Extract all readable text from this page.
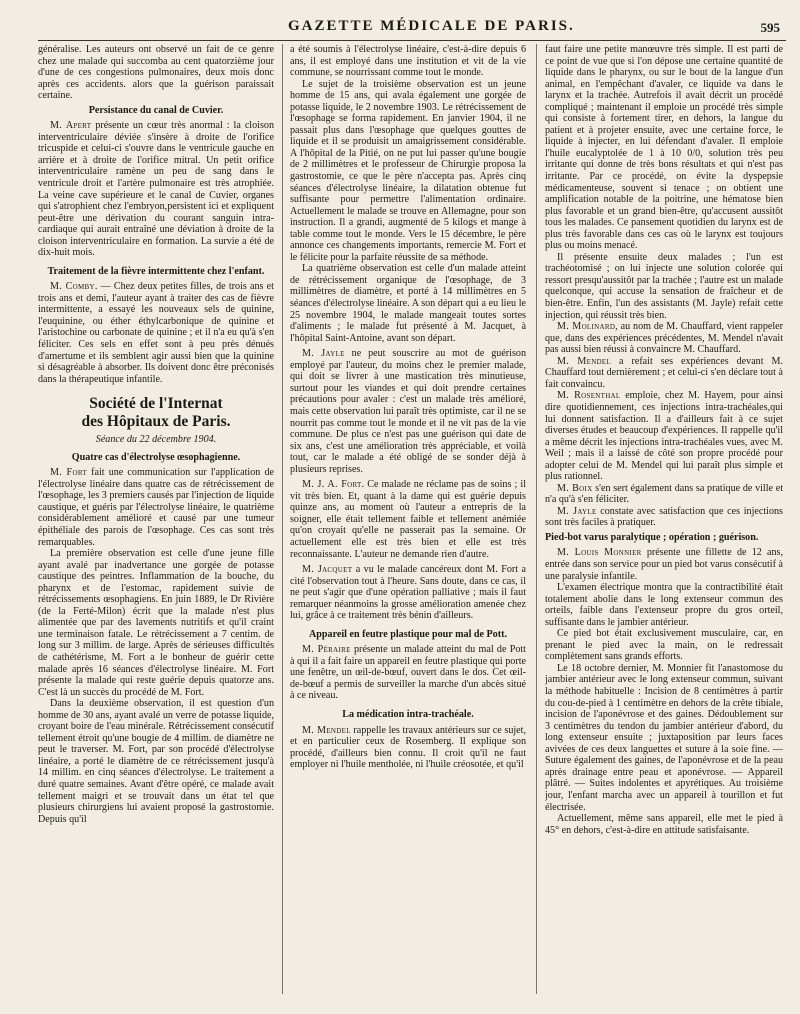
GAZETTE MÉDICALE DE PARIS.	595

généralise. Les auteurs ont observé un fait de ce genre chez une malade qui succomba au cent quatorzième jour d'une de ces congestions pulmonaires, deux mois donc après ces accidents. alors que la guérison paraissait certaine.

Persistance du canal de Cuvier.

M. Apert présente un cœur très anormal : la cloison interventriculaire déviée s'insère à droite de l'orifice tricuspide et celui-ci s'ouvre dans le ventricule gauche en arrière et à droite de l'orifice mitral. Un petit orifice interventriculaire ramène un peu de sang dans le ventricule droit et l'artère pulmonaire est très atrophiée. La veine cave supérieure et le canal de Cuvier, organes qui s'atrophient chez l'embryon,persistent ici et expliquent peut-être une dérivation du courant sanguin intra-cardiaque qui aurait entraîné une déviation à droite de la cloison interventriculaire en formation. La survie a été de dix-huit mois.

Traitement de la fièvre intermittente chez l'enfant.

M. Comby. — Chez deux petites filles, de trois ans et trois ans et demi, l'auteur ayant à traiter des cas de fièvre intermittente, a essayé les nouveaux sels de quinine, l'euquinine, ou éther éthylcarbonique de quinine et l'aristochine ou carbonate de quinine ; et il n'a eu qu'à s'en féliciter. Ces sels en effet sont à peu près dénués d'amertume et ils semblent agir aussi bien que la quinine si désagréable à absorber. Ils doivent donc être préconisés dans la thérapeutique infantile.

Société de l'Internat
des Hôpitaux de Paris.
Séance du 22 décembre 1904.
Quatre cas d'électrolyse œsophagienne.

M. Fort fait une communication sur l'application de l'électrolyse linéaire dans quatre cas de rétrécissement de l'œsophage, les 3 premiers causés par l'injection de liquide caustique, et guéris par l'électrolyse linéaire, le quatrième considérablement amélioré et causé par une tumeur épithéliale des parois de l'œsophage. Ces cas sont très remarquables.

La première observation est celle d'une jeune fille ayant avalé par inadvertance une gorgée de potasse caustique des peintres. Inflammation de la bouche, du pharynx et de l'estomac, rapidement suivie de rétrécissements œsophagiens. En juin 1889, le Dr Rivière (de la Ferté-Milon) écrit que la malade n'est plus alimentée que par des lavements nutritifs et qu'il craint une terminaison fatale. Le rétrécissement a 7 centim. de long sur 3 millim. de large. Après de sérieuses difficultés de cathétérisme, M. Fort a le bonheur de guérir cette malade après 16 séances d'électrolyse linéaire. M. Fort présente la malade qui reste guérie depuis quatorze ans. C'est là un succès du procédé de M. Fort.

Dans la deuxième observation, il est question d'un homme de 30 ans, ayant avalé un verre de potasse liquide, croyant boire de l'eau minérale. Rétrécissement consécutif tellement étroit qu'une bougie de 4 millim. de diamètre ne peut le traverser. M. Fort, par son procédé d'électrolyse linéaire, a porté le diamètre de ce rétrécissement jusqu'à 14 millim. en cinq séances d'électrolyse. Le traitement a duré quatre semaines. Avant d'être opéré, ce malade avait tellement maigri et se trouvait dans un état tel que plusieurs chirurgiens lui avaient proposé la gastrostomie. Depuis qu'il

a été soumis à l'électrolyse linéaire, c'est-à-dire depuis 6 ans, il est employé dans une institution et vit de la vie commune, se nourrissant comme tout le monde.

Le sujet de la troisième observation est un jeune homme de 15 ans, qui avala également une gorgée de potasse liquide, le 2 novembre 1903. Le rétrécissement de l'œsophage se forma rapidement. En janvier 1904, il ne passait plus dans l'œsophage que quelques gouttes de liquide et il se produisit un amaigrissement considérable. A l'hôpital de la Pitié, on ne put lui passer qu'une bougie de 2 millimètres et le professeur de Chirurgie proposa la gastrostomie, ce que le père n'accepta pas. Après cinq séances d'électrolyse linéaire, la dilatation obtenue fut suffisante pour permettre l'alimentation ordinaire. Actuellement le malade se trouve en Allemagne, pour son instruction. Il a grandi, augmenté de 5 kilogs et mange à table comme tout le monde. Vers le 15 décembre, le père annonce ces changements importants, remercie M. Fort et le félicite pour la parfaite réussite de sa méthode.

La quatrième observation est celle d'un malade atteint de rétrécissement organique de l'œsophage, de 3 millimètres de diamètre, et porté à 14 millimètres en 5 séances d'électrolyse linéaire. A son départ qui a eu lieu le 25 novembre 1904, le malade mangeait toutes sortes d'aliments ; le malade fut présenté à M. Jacquet, à l'hôpital Saint-Antoine, avant son départ.

M. Jayle ne peut souscrire au mot de guérison employé par l'auteur, du moins chez le premier malade, qui doit se livrer à une mastication très minutieuse, surtout pour les viandes et qui doit prendre certaines précautions pour avaler : c'est un malade très amélioré, mais cette observation lui paraît très optimiste, car il ne se nourrit pas comme tout le monde et il ne vit pas de la vie commune. De plus ce n'est pas une guérison qui date de six ans, c'est une amélioration très appréciable, et voilà tout, car le malade a été obligé de se sonder déjà à plusieurs reprises.

M. J. A. Fort. Ce malade ne réclame pas de soins ; il vit très bien. Et, quant à la dame qui est guérie depuis quinze ans, au moment où l'auteur a entrepris de la soigner, elle était tellement faible et tellement anémiée qu'on croyait qu'elle ne passerait pas la semaine. Or actuellement elle est très bien et elle est très reconnaissante. L'auteur ne demande rien d'autre.

M. Jacquet a vu le malade cancéreux dont M. Fort a cité l'observation tout à l'heure. Sans doute, dans ce cas, il ne peut s'agir que d'une opération palliative ; mais il faut remarquer néanmoins la grosse amélioration amenée chez lui, grâce à ce traitement très bénin d'ailleurs.

Appareil en feutre plastique pour mal de Pott.

M. Péraire présente un malade atteint du mal de Pott à qui il a fait faire un appareil en feutre plastique qui porte une fenêtre, un œil-de-bœuf, ouvert dans le dos. Cet œil-de-bœuf a permis de surveiller la marche d'un abcès situé à ce niveau.

La médication intra-trachéale.

M. Mendel rappelle les travaux antérieurs sur ce sujet, et en particulier ceux de Rosemberg. Il explique son procédé, d'ailleurs bien connu. Il croit qu'il ne faut employer ni l'huile mentholée, ni l'huile créosotée, et qu'il

faut faire une petite manœuvre très simple. Il est parti de ce point de vue que si l'on dépose une certaine quantité de liquide dans le pharynx, ou sur le bout de la langue d'un animal, en l'empêchant d'avaler, ce liquide va dans le larynx et la trachée. Autrefois il avait décrit un procédé compliqué ; maintenant il emploie un procédé très simple qui consiste à fortement tirer, en dehors, la langue du patient et à projeter ensuite, avec une certaine force, le liquide à injecter, en lui défendant d'avaler. Il emploie l'huile eucalyptolée de 1 à 10 0/0, solution très peu irritante qui donne de très bons résultats et qui n'est pas irritante. Par ce procédé, on évite la dyspepsie médicamenteuse, souvent si tenace ; on obtient une amplification notable de la poitrine, une hématose bien plus favorable et un grand bien-être, qu'accusent aussitôt tous les malades. Ce pansement quotidien du larynx est de plus très favorable dans ces cas où le larynx est toujours plus ou moins menacé.

Il présente ensuite deux malades ; l'un est trachéotomisé ; on lui injecte une solution colorée qui ressort presqu'aussitôt par la trachée ; l'autre est un malade quelconque, qui accuse la sensation de fraîcheur et de bien-être. Enfin, l'un des assistants (M. Jayle) refait cette injection, qui réussit très bien.

M. Molinard, au nom de M. Chauffard, vient rappeler que, dans des expériences précédentes, M. Mendel n'avait pas aussi bien réussi à convaincre M. Chauffard.

M. Mendel a refait ses expériences devant M. Chauffard tout dernièrement ; et celui-ci s'en déclare tout à fait convaincu.

M. Rosenthal emploie, chez M. Hayem, pour ainsi dire quotidiennement, ces injections intra-trachéales,qui lui donnent satisfaction. Il a d'ailleurs fait à ce sujet diverses études et beaucoup d'expériences. Il rappelle qu'il a même décrit les injections intra-trachéales vues, avec M. Weil ; mais il a laissé de côté son propre procédé pour adopter celui de M. Mendel qui lui paraît plus simple et plus rationnel.

M. Boix s'en sert également dans sa pratique de ville et n'a qu'à s'en féliciter.

M. Jayle constate avec satisfaction que ces injections sont très faciles à pratiquer.

Pied-bot varus paralytique ; opération ; guérison.

M. Louis Monnier présente une fillette de 12 ans, entrée dans son service pour un pied bot varus consécutif à une paralysie infantile.

L'examen électrique montra que la contractibilité était totalement abolie dans le long extenseur commun des orteils, faible dans l'extenseur propre du gros orteil, suffisante dans le jambier antérieur.

Ce pied bot était exclusivement musculaire, car, en prenant le pied avec la main, on le redressait complètement sans grands efforts.

Le 18 octobre dernier, M. Monnier fit l'anastomose du jambier antérieur avec le long extenseur commun, suivant la méthode habituelle : Incision de 8 centimètres à partir du cou-de-pied à 1 centimètre en dehors de la crête tibiale, incision de l'aponévrose et des gaines. Dédoublement sur 3 centimètres du tendon du jambier antérieur d'abord, du long extenseur ensuite ; juxtaposition par leurs faces avivées de ces deux languettes et suture à la soie fine. — Suture également des gaines, de l'aponévrose et de la peau après drainage entre peau et aponévrose. — Appareil plâtré. — Suites indolentes et apyrétiques. Au troisième jour, l'enfant marcha avec un appareil à tourillon et fut électrisée.

Actuellement, même sans appareil, elle met le pied à 45° en dehors, c'est-à-dire en attitude satisfaisante.
